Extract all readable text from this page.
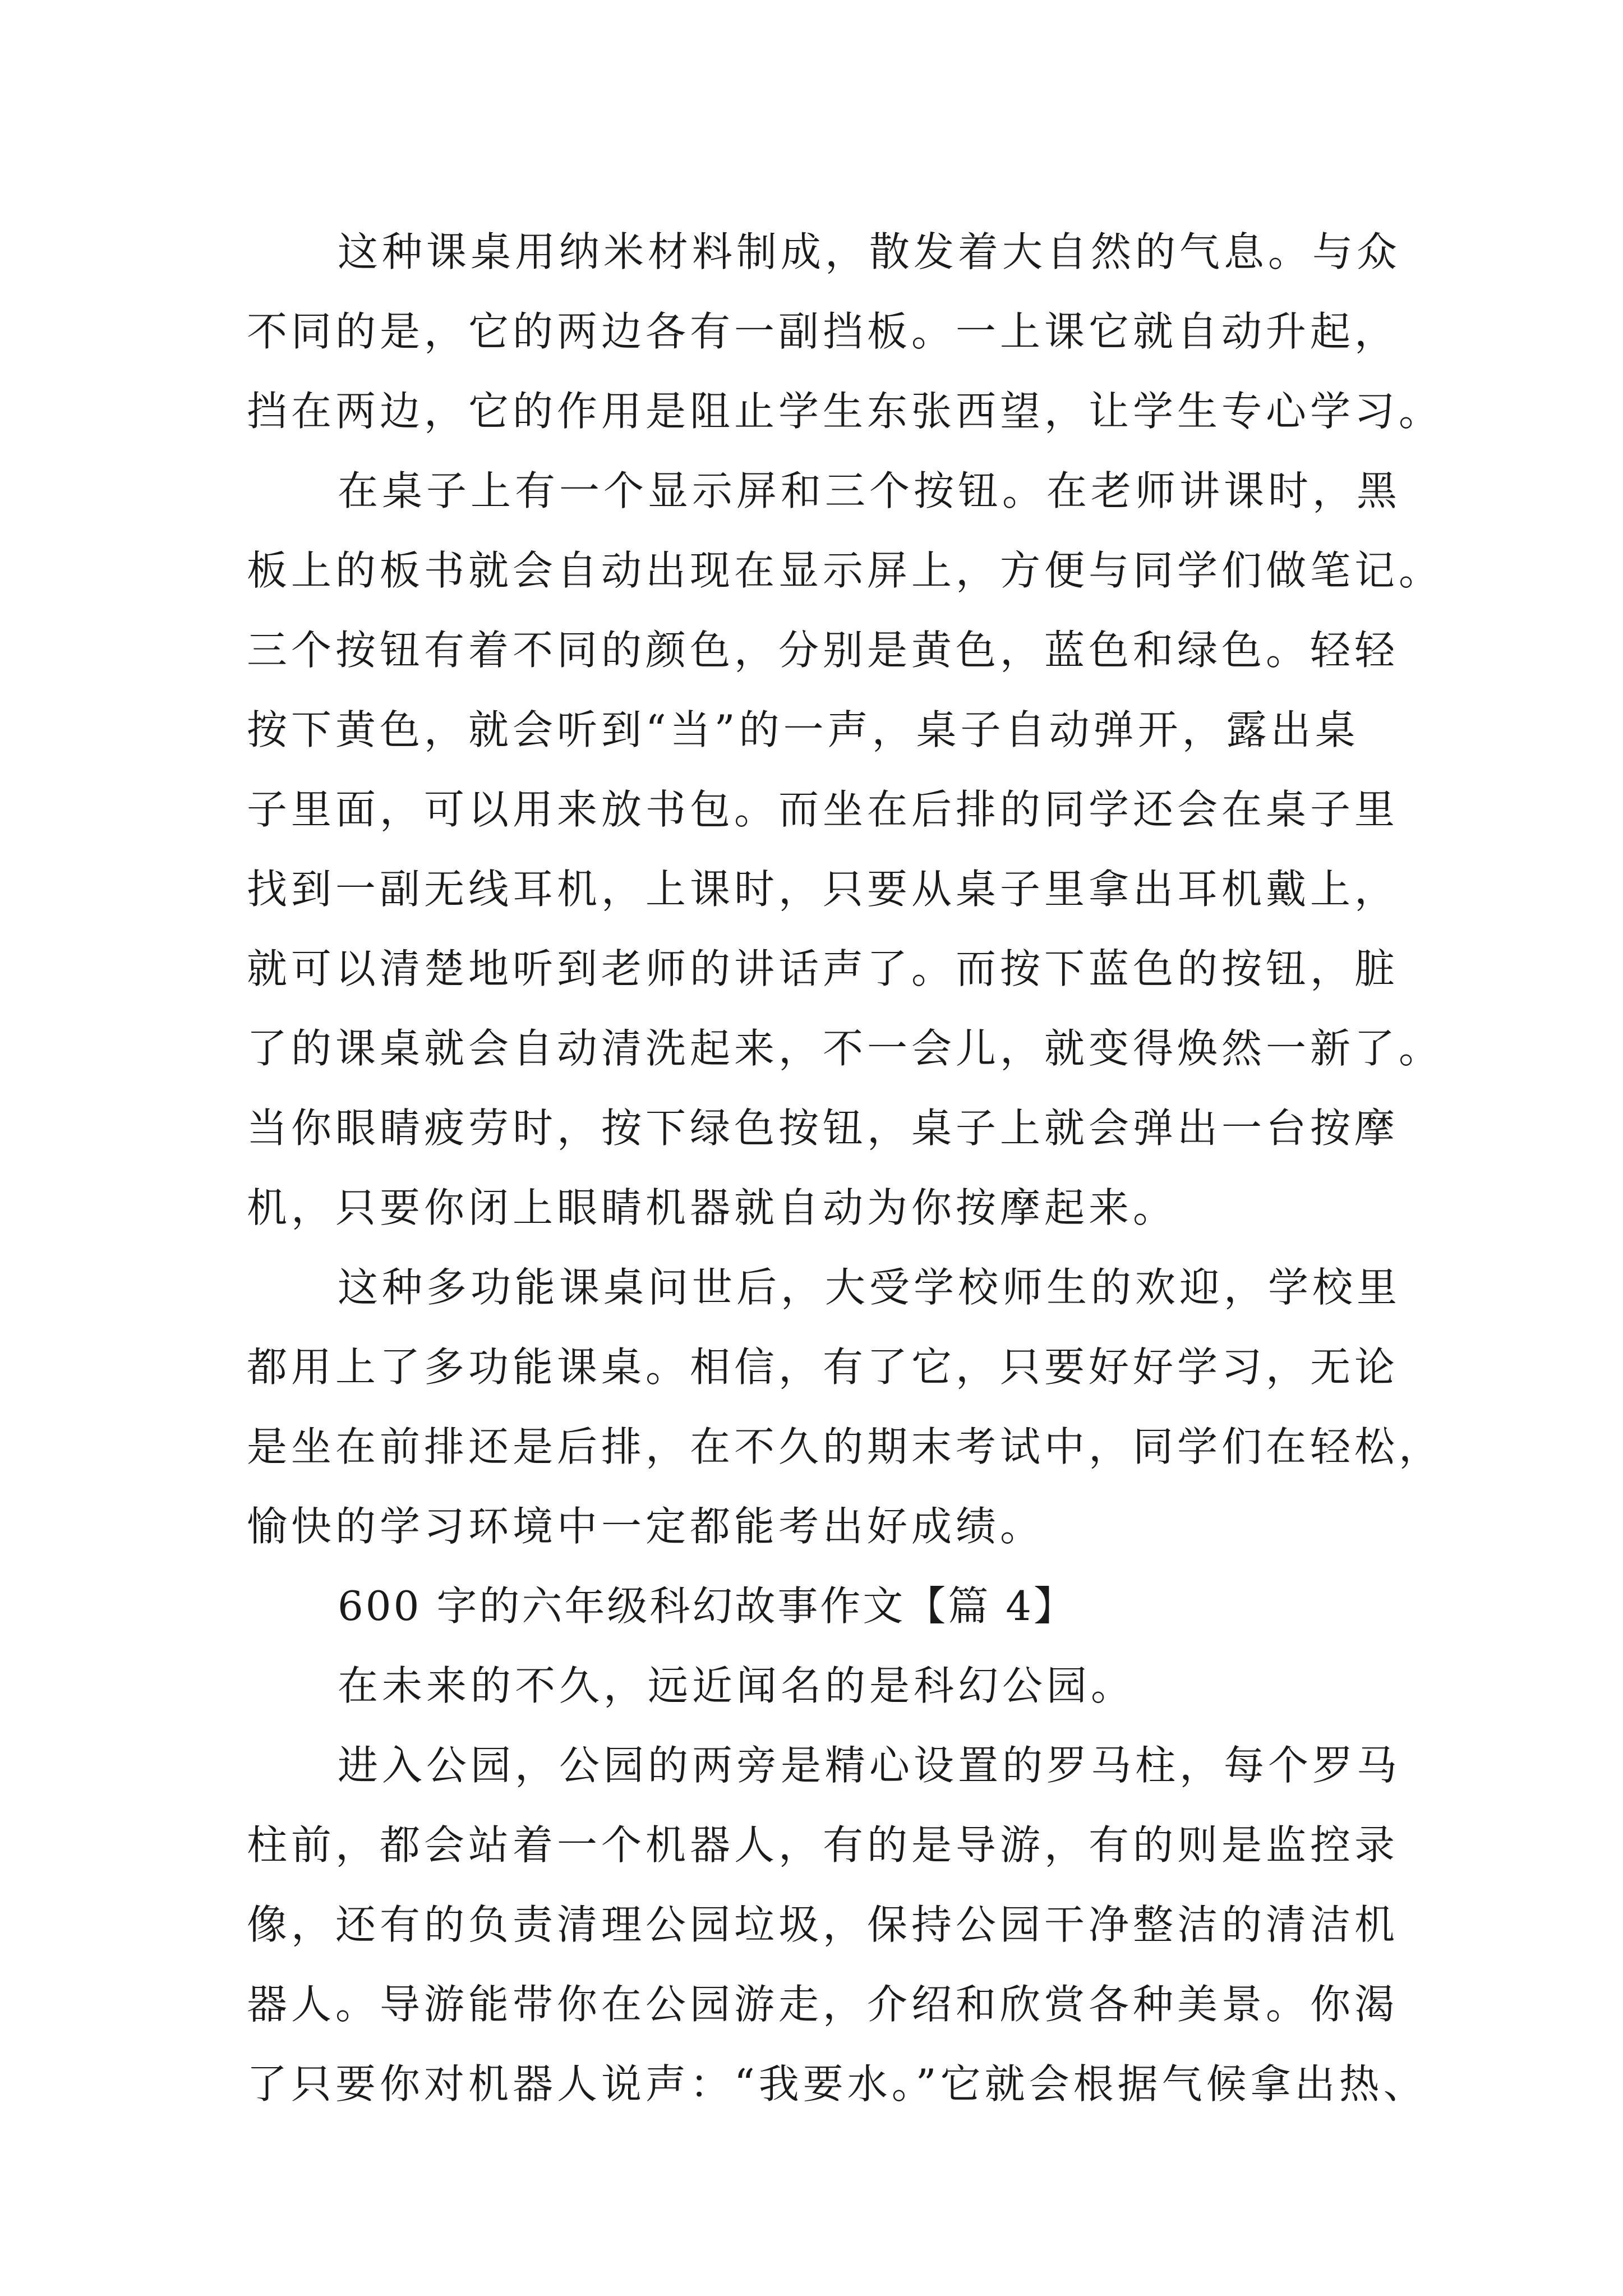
这种课桌用纳米材料制成，散发着大自然的气息。与众
不同的是，它的两边各有一副挡板。一上课它就自动升起，
挡在两边，它的作用是阻止学生东张西望，让学生专心学习。
在桌子上有一个显示屏和三个按钮。在老师讲课时，黑
板上的板书就会自动出现在显示屏上，方便与同学们做笔记。
三个按钮有着不同的颜色，分别是黄色，蓝色和绿色。轻轻
按下黄色，就会听到“当”的一声，桌子自动弹开，露出桌
子里面，可以用来放书包。而坐在后排的同学还会在桌子里
找到一副无线耳机，上课时，只要从桌子里拿出耳机戴上，
就可以清楚地听到老师的讲话声了。而按下蓝色的按钮，脏
了的课桌就会自动清洗起来，不一会儿，就变得焕然一新了。
当你眼睛疲劳时，按下绿色按钮，桌子上就会弹出一台按摩
机，只要你闭上眼睛机器就自动为你按摩起来。
这种多功能课桌问世后，大受学校师生的欢迎，学校里
都用上了多功能课桌。相信，有了它，只要好好学习，无论
是坐在前排还是后排，在不久的期末考试中，同学们在轻松，
愉快的学习环境中一定都能考出好成绩。
600 字的六年级科幻故事作文【篇 4】
在未来的不久，远近闻名的是科幻公园。
进入公园，公园的两旁是精心设置的罗马柱，每个罗马
柱前，都会站着一个机器人，有的是导游，有的则是监控录
像，还有的负责清理公园垃圾，保持公园干净整洁的清洁机
器人。导游能带你在公园游走，介绍和欣赏各种美景。你渴
了只要你对机器人说声：“我要水。”它就会根据气候拿出热、
